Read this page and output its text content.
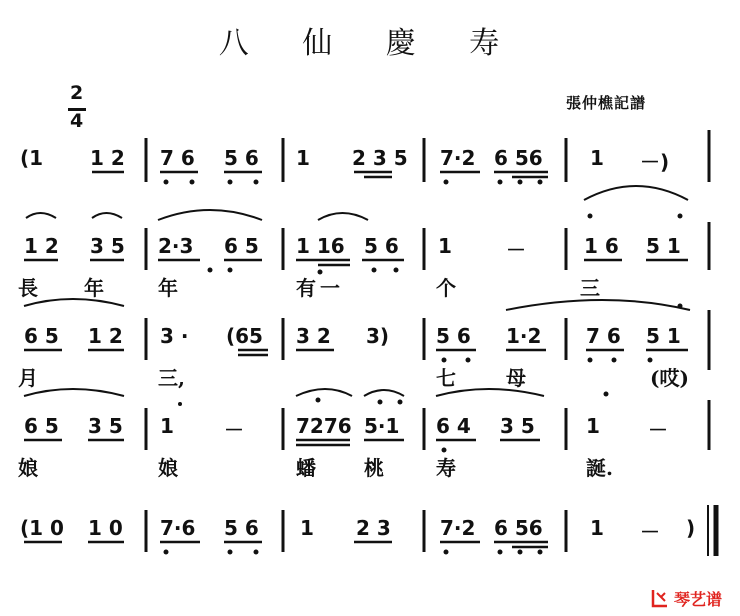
八 仙 慶 寿
張仲樵記譜
2
4
(1 1 2 7 6 5 6 1 2 3 5 7·2 6 56 1 －)
1 2 3 5 2·3 6 5 1 16 5 6 1	－	1 6 5 1
長 年	年	有 一	个	三
6 5 1 2 3 · (65 3 2 3) 5 6 1·2 7 6 5 1
月	三,	七	母	(哎)
6 5 3 5 1	－	7276 5·1 6 4 3 5	1 －
娘	娘	蟠 桃	寿	誕.
(1 0 1 0 7·6 5 6 1 2 3 7·2 6 56 1 － )
琴艺谱
